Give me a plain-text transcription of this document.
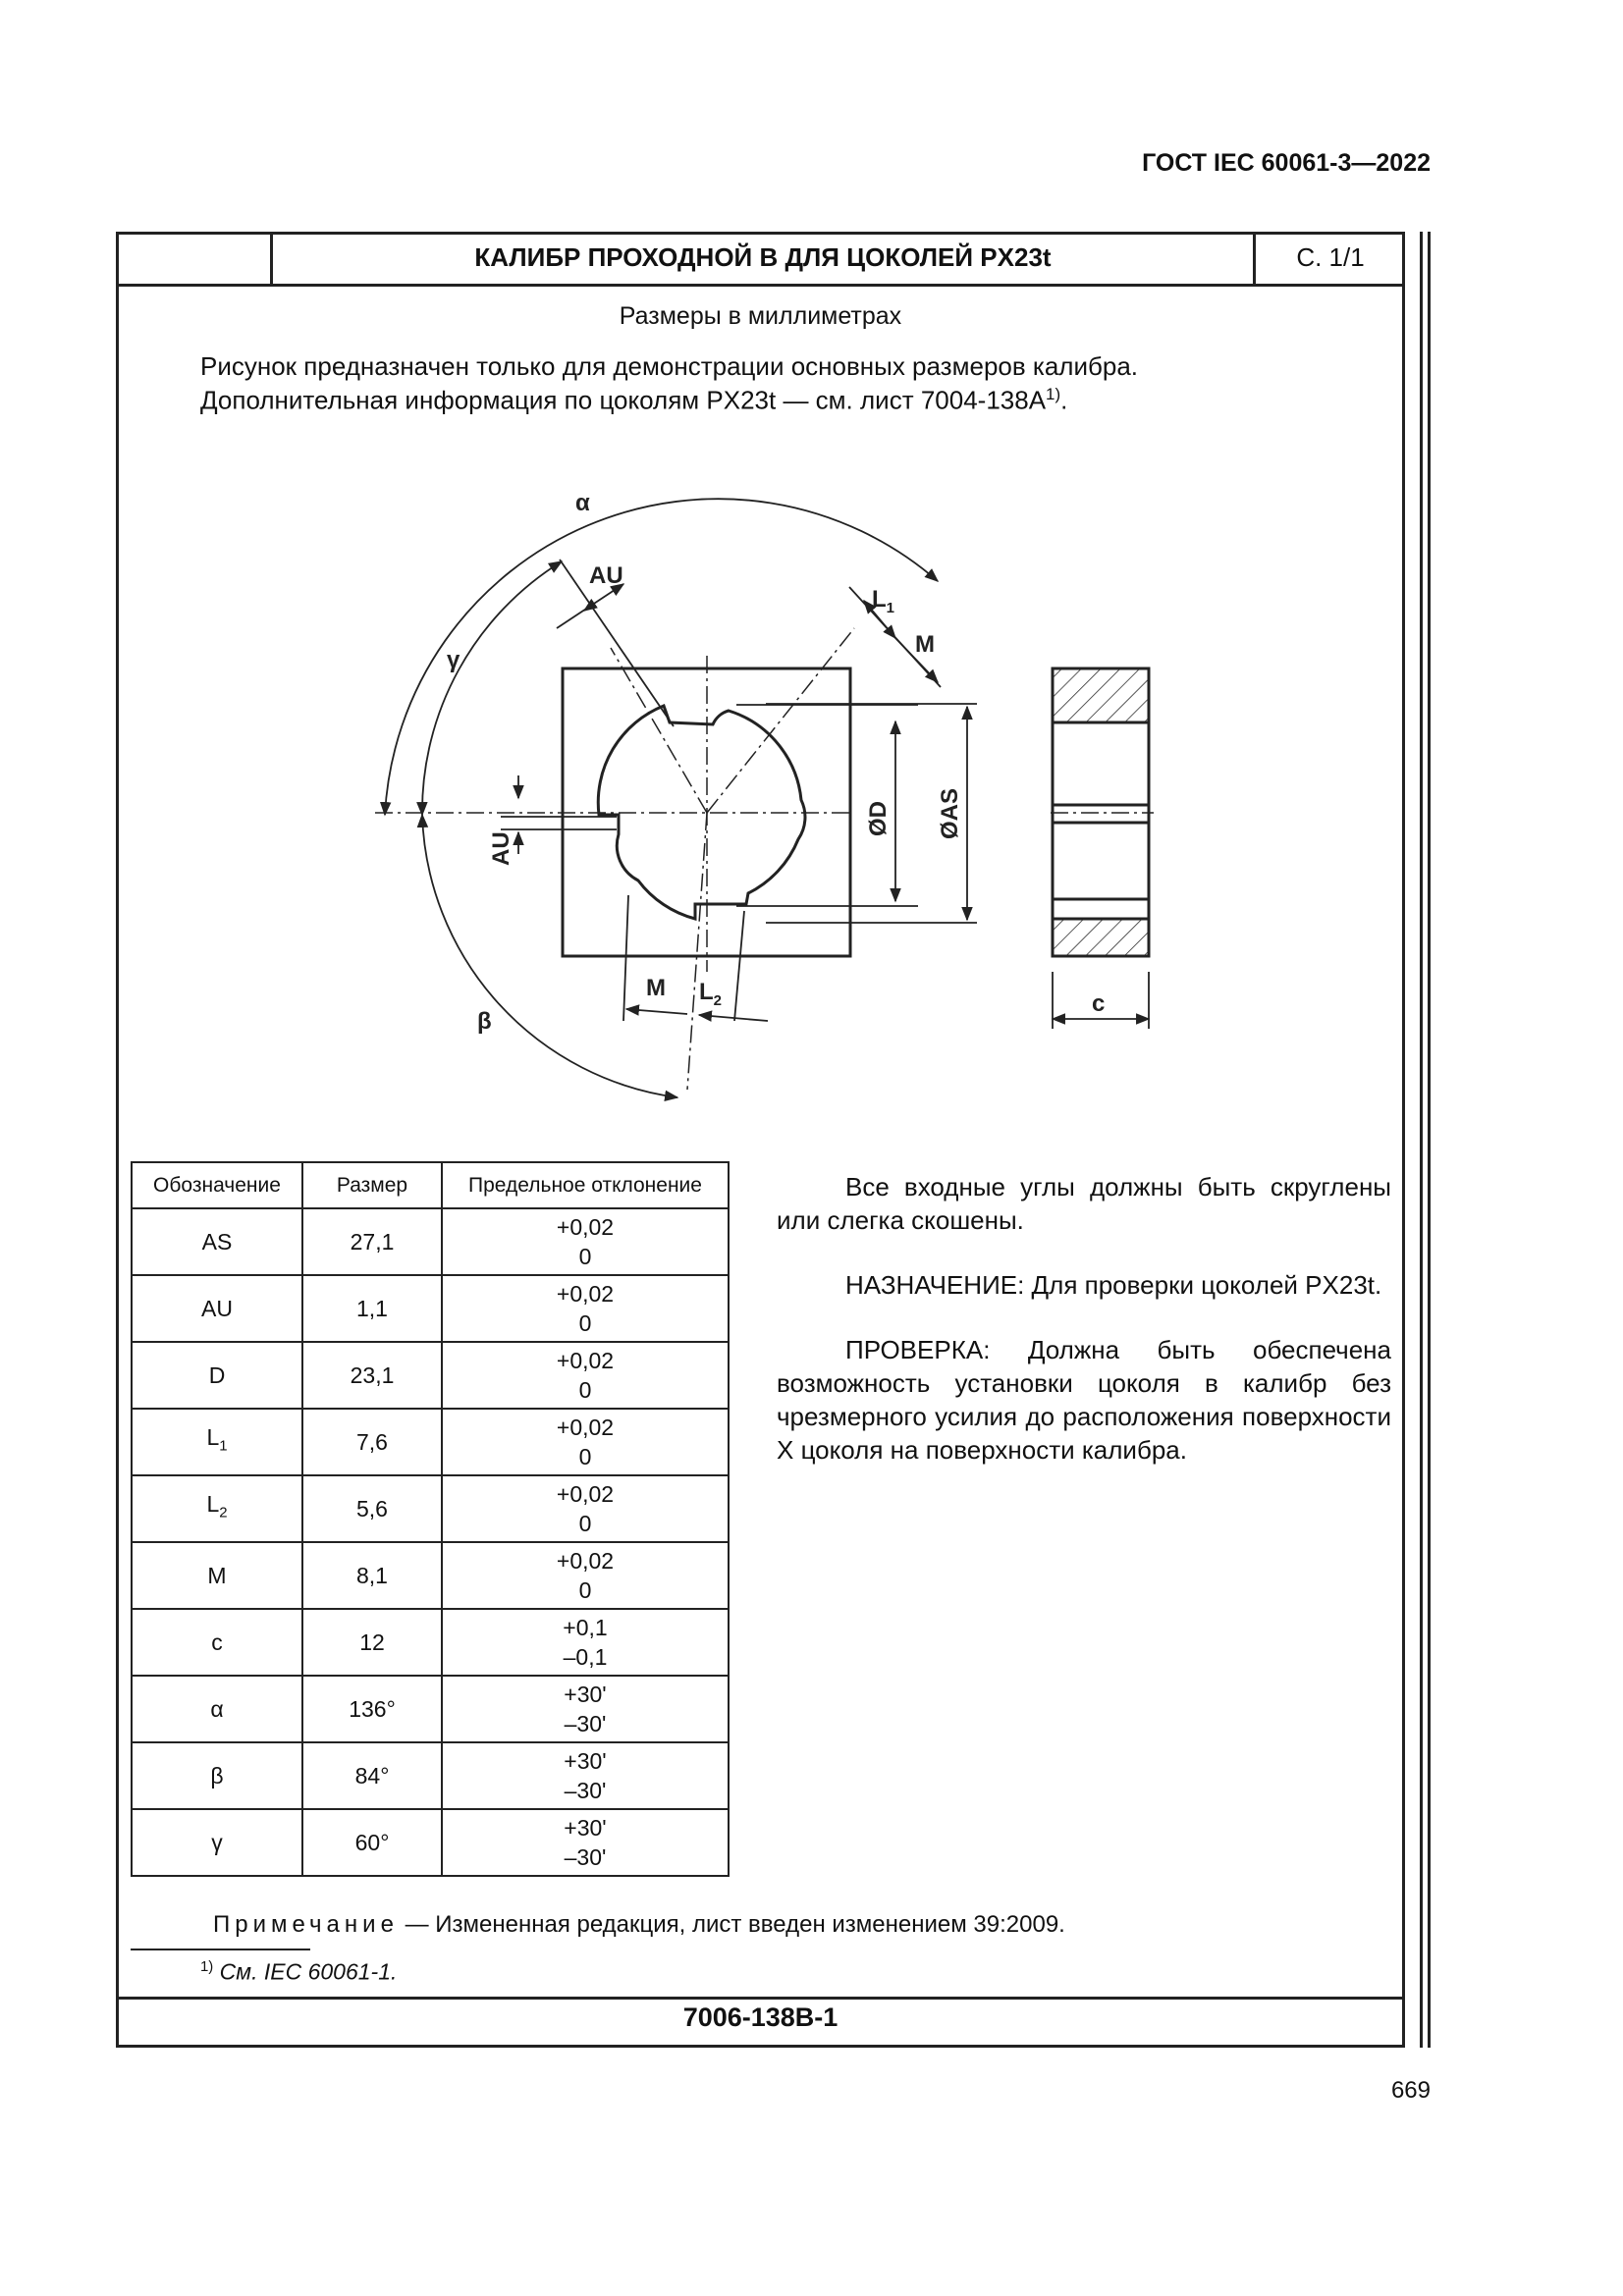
ГОСТ IEC 60061-3—2022
КАЛИБР ПРОХОДНОЙ В ДЛЯ ЦОКОЛЕЙ PX23t	С. 1/1
Размеры в миллиметрах
Рисунок предназначен только для демонстрации основных размеров калибра.
Дополнительная информация по цоколям PX23t — см. лист $7004-138А^{1)}$.
α
γ
β
AU
$L_1$
M
M $L_2$	c
AU
ØD ØAS
Обозначение	Размер	Предельное отклонение
AS	27,1	+0,02
0

AU	1,1	+0,02
0

D	23,1	+0,02
0

$L_1$	7,6	+0,02
0

$L_2$	5,6	+0,02
0

M	8,1	+0,02
0

c	12	+0,1
–0,1

α	136°	+30'
–30'

β	84°	+30'
–30'

γ	60°	+30'
–30'

Все входные углы должны быть скруглены или слегка скошены.

НАЗНАЧЕНИЕ: Для проверки цоколей PX23t.

ПРОВЕРКА: Должна быть обеспечена возможность установки цоколя в калибр без чрезмерного усилия до расположения поверхности X цоколя на поверхности калибра.

Примечание — Измененная редакция, лист введен изменением 39:2009.
$^{1)}$ См. IEC 60061-1.
7006-138В-1
669
